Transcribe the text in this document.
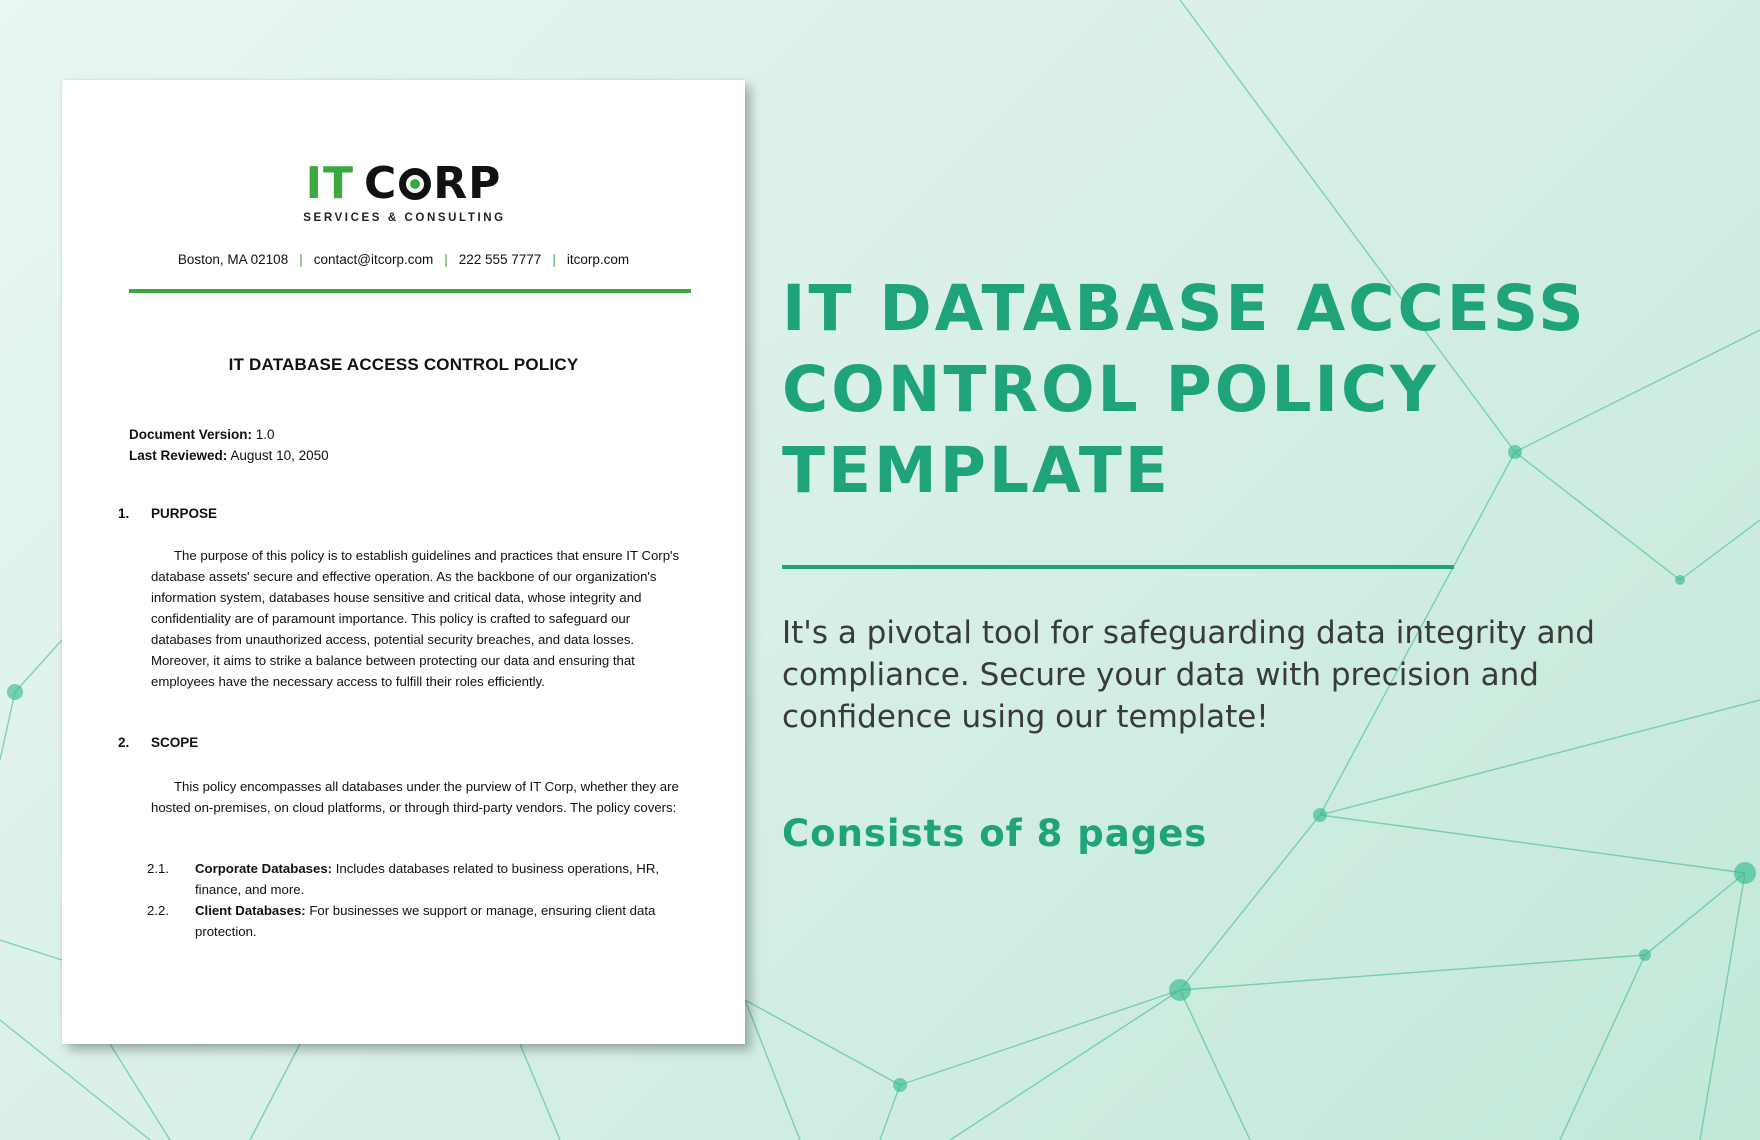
IT C RP
SERVICES & CONSULTING
Boston, MA 02108 | contact@itcorp.com | 222 555 7777 | itcorp.com
IT DATABASE ACCESS CONTROL POLICY
Document Version: 1.0
Last Reviewed: August 10, 2050
1. PURPOSE
The purpose of this policy is to establish guidelines and practices that ensure IT Corp's database assets' secure and effective operation. As the backbone of our organization's information system, databases house sensitive and critical data, whose integrity and confidentiality are of paramount importance. This policy is crafted to safeguard our databases from unauthorized access, potential security breaches, and data losses. Moreover, it aims to strike a balance between protecting our data and ensuring that employees have the necessary access to fulfill their roles efficiently.
2. SCOPE
This policy encompasses all databases under the purview of IT Corp, whether they are hosted on-premises, on cloud platforms, or through third-party vendors. The policy covers:
2.1.	Corporate Databases: Includes databases related to business operations, HR, finance, and more.
2.2.	Client Databases: For businesses we support or manage, ensuring client data protection.
IT DATABASE ACCESS CONTROL POLICY TEMPLATE

It's a pivotal tool for safeguarding data integrity and compliance. Secure your data with precision and confidence using our template!

Consists of 8 pages
